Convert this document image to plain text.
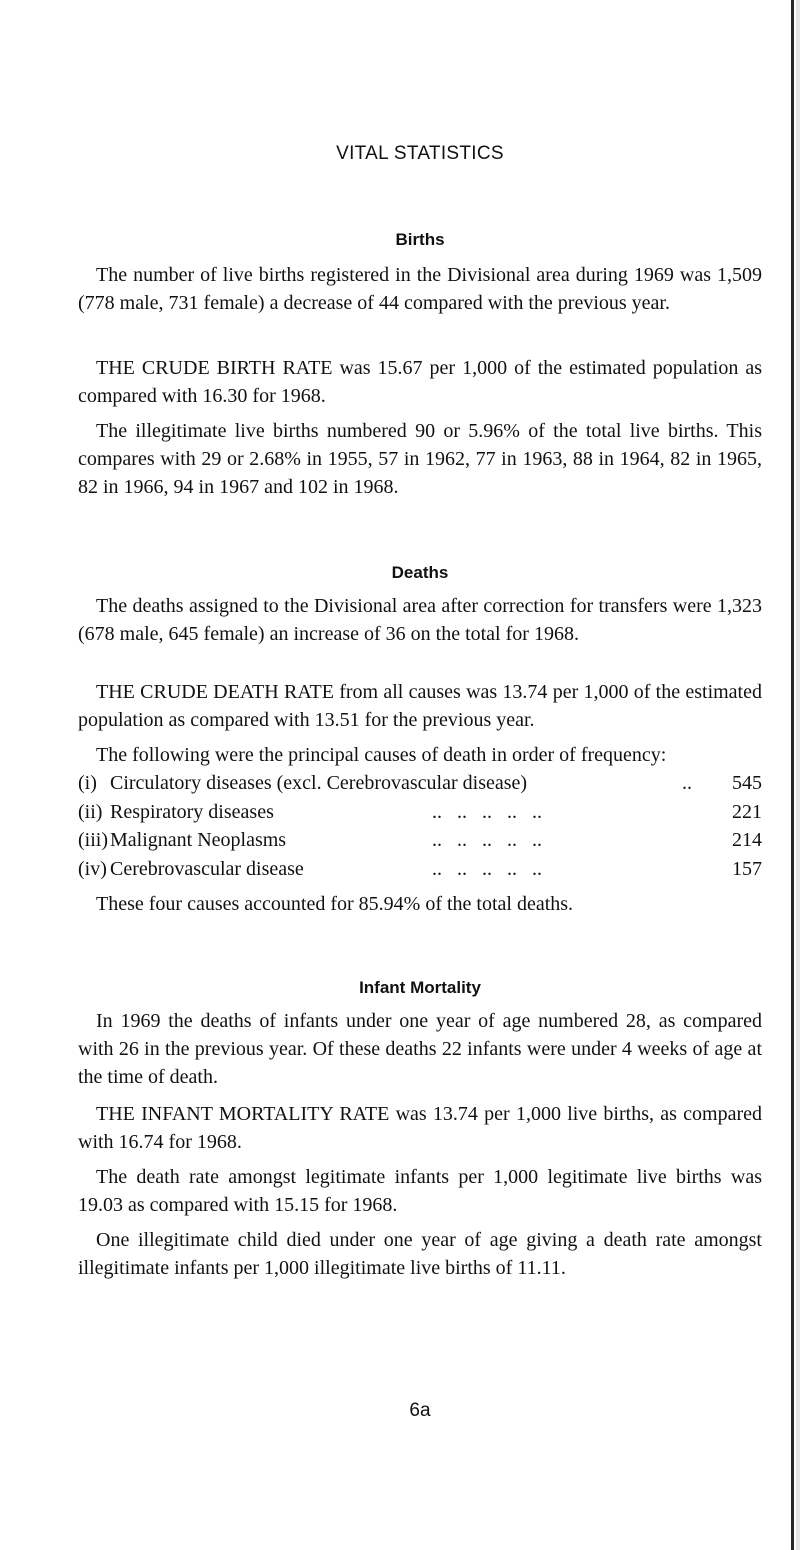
VITAL STATISTICS
Births

The number of live births registered in the Divisional area during 1969 was 1,509 (778 male, 731 female) a decrease of 44 compared with the previous year.

THE CRUDE BIRTH RATE was 15.67 per 1,000 of the estimated population as compared with 16.30 for 1968.

The illegitimate live births numbered 90 or 5.96% of the total live births. This compares with 29 or 2.68% in 1955, 57 in 1962, 77 in 1963, 88 in 1964, 82 in 1965, 82 in 1966, 94 in 1967 and 102 in 1968.

Deaths

The deaths assigned to the Divisional area after correction for transfers were 1,323 (678 male, 645 female) an increase of 36 on the total for 1968.

THE CRUDE DEATH RATE from all causes was 13.74 per 1,000 of the estimated population as compared with 13.51 for the previous year.

The following were the principal causes of death in order of frequency:

(i) Circulatory diseases (excl. Cerebrovascular disease)	..	545
(ii) Respiratory diseases	..   ..   ..   ..   ..	221
(iii) Malignant Neoplasms	..   ..   ..   ..   ..	214
(iv) Cerebrovascular disease	..   ..   ..   ..   ..	157

These four causes accounted for 85.94% of the total deaths.

Infant Mortality

In 1969 the deaths of infants under one year of age numbered 28, as compared with 26 in the previous year. Of these deaths 22 infants were under 4 weeks of age at the time of death.

THE INFANT MORTALITY RATE was 13.74 per 1,000 live births, as compared with 16.74 for 1968.

The death rate amongst legitimate infants per 1,000 legitimate live births was 19.03 as compared with 15.15 for 1968.

One illegitimate child died under one year of age giving a death rate amongst illegitimate infants per 1,000 illegitimate live births of 11.11.

6a
